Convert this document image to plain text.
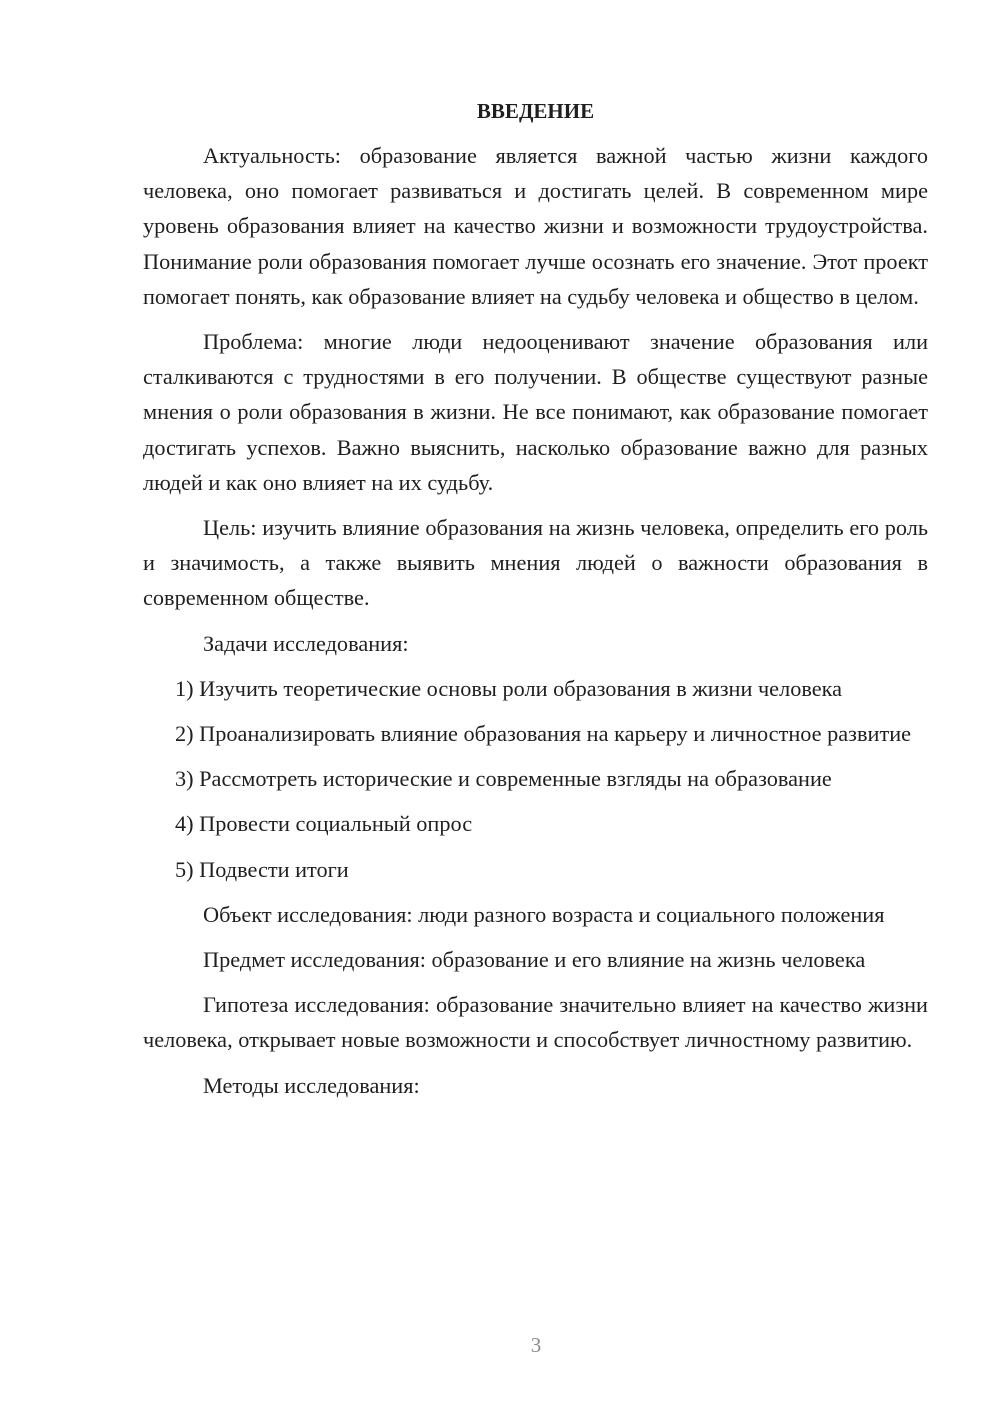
ВВЕДЕНИЕ

Актуальность: образование является важной частью жизни каждого человека, оно помогает развиваться и достигать целей. В современном мире уровень образования влияет на качество жизни и возможности трудоустройства. Понимание роли образования помогает лучше осознать его значение. Этот проект помогает понять, как образование влияет на судьбу человека и общество в целом.

Проблема: многие люди недооценивают значение образования или сталкиваются с трудностями в его получении. В обществе существуют разные мнения о роли образования в жизни. Не все понимают, как образование помогает достигать успехов. Важно выяснить, насколько образование важно для разных людей и как оно влияет на их судьбу.

Цель: изучить влияние образования на жизнь человека, определить его роль и значимость, а также выявить мнения людей о важности образования в современном обществе.

Задачи исследования:

1) Изучить теоретические основы роли образования в жизни человека

2) Проанализировать влияние образования на карьеру и личностное развитие

3) Рассмотреть исторические и современные взгляды на образование

4) Провести социальный опрос

5) Подвести итоги

Объект исследования: люди разного возраста и социального положения

Предмет исследования: образование и его влияние на жизнь человека

Гипотеза исследования: образование значительно влияет на качество жизни человека, открывает новые возможности и способствует личностному развитию.

Методы исследования:

3
